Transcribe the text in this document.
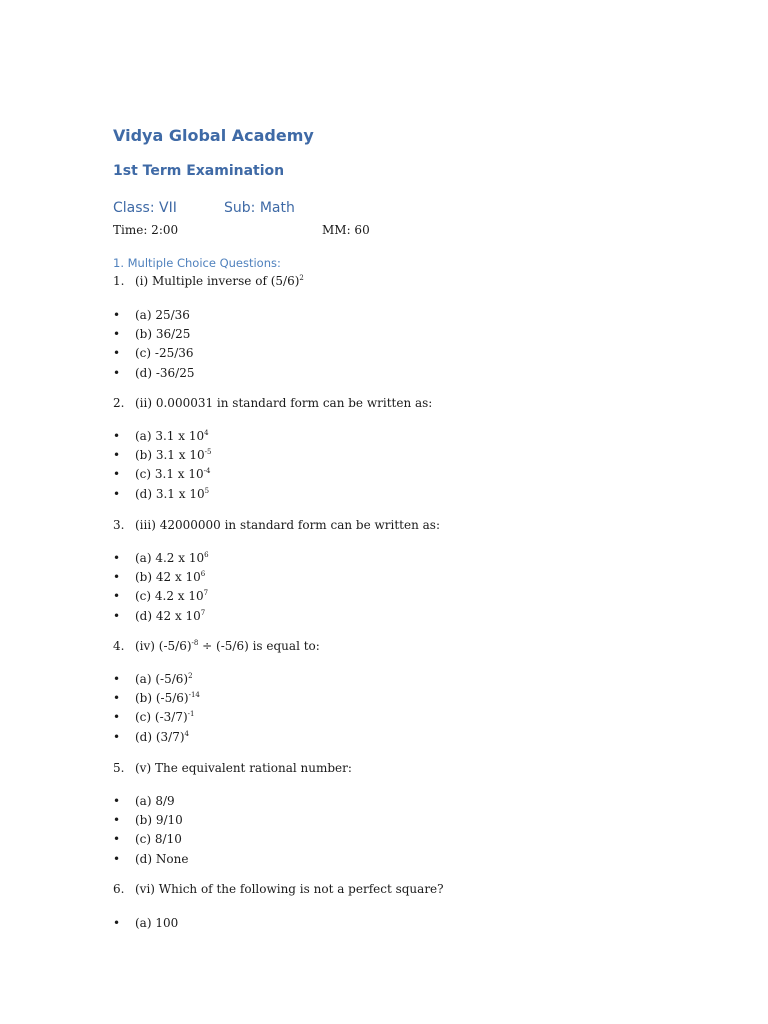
Vidya Global Academy
1st Term Examination
Class: VII	Sub: Math
Time: 2:00	MM: 60
1. Multiple Choice Questions:
1. (i) Multiple inverse of $(5/6)^2$
• (a) 25/36
• (b) 36/25
• (c) -25/36
• (d) -36/25
2. (ii) 0.000031 in standard form can be written as:
• (a) 3.1 x $10^4$
• (b) 3.1 x $10^{-5}$
• (c) 3.1 x $10^{-4}$
• (d) 3.1 x $10^5$
3. (iii) 42000000 in standard form can be written as:
• (a) 4.2 x $10^6$
• (b) 42 x $10^6$
• (c) 4.2 x $10^7$
• (d) 42 x $10^7$
4. (iv) $(-5/6)^{-8} \div (-5/6)$ is equal to:
• (a) $(-5/6)^2$
• (b) $(-5/6)^{-14}$
• (c) $(-3/7)^{-1}$
• (d) $(3/7)^4$
5. (v) The equivalent rational number:
• (a) 8/9
• (b) 9/10
• (c) 8/10
• (d) None
6. (vi) Which of the following is not a perfect square?
• (a) 100
